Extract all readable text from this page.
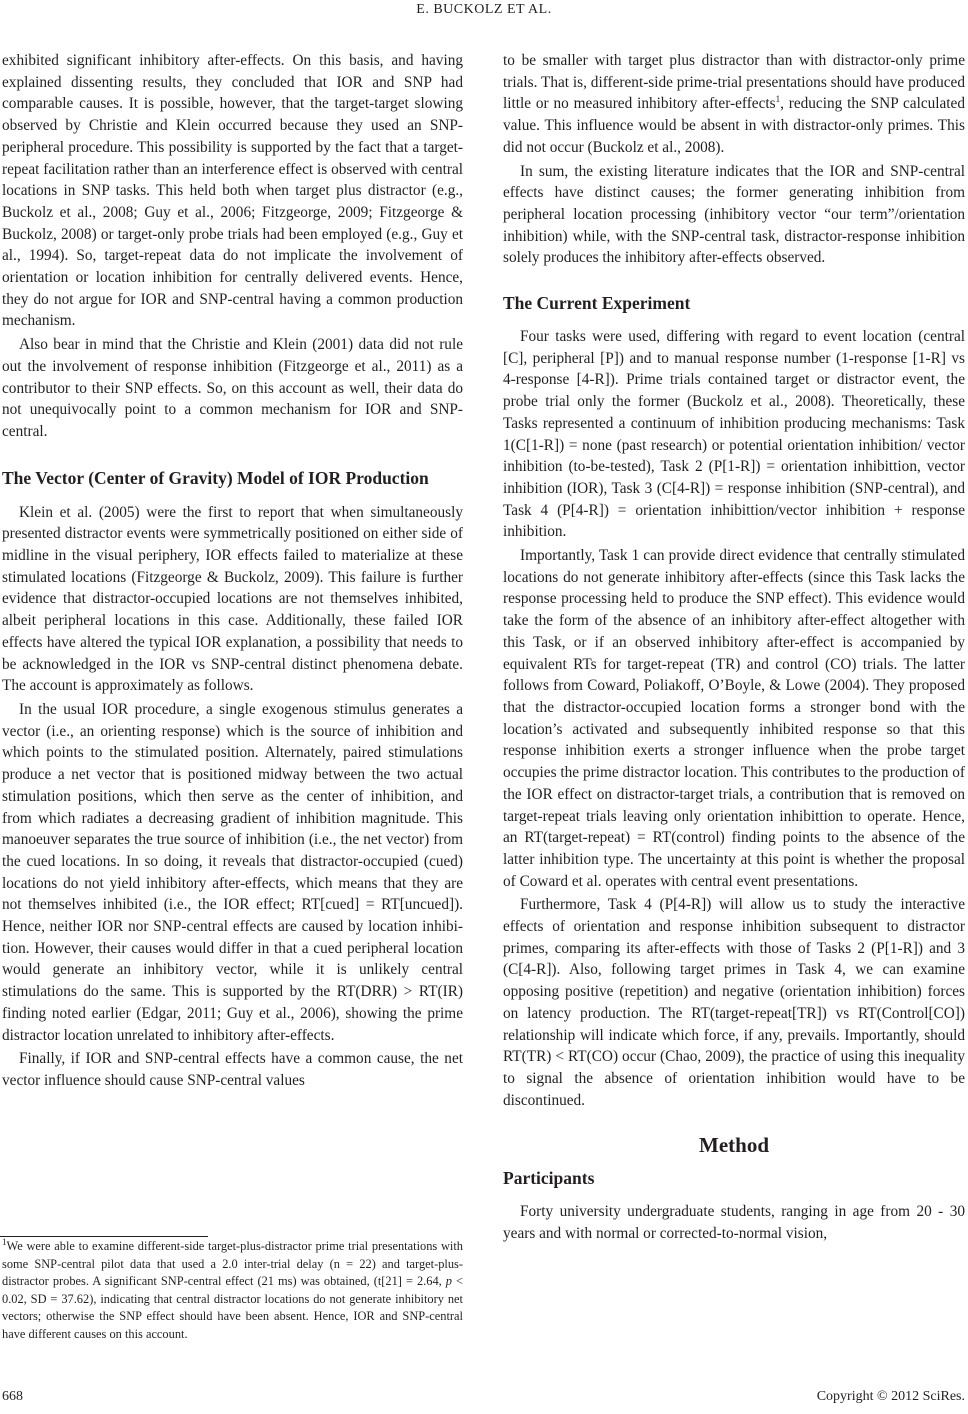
E. BUCKOLZ ET AL.

exhibited significant inhibitory after-effects. On this basis, and having explained dissenting results, they concluded that IOR and SNP had comparable causes. It is possible, however, that the target-target slowing observed by Christie and Klein occurred because they used an SNP-peripheral procedure. This possibility is supported by the fact that a target-repeat facilitation rather than an interference effect is observed with central locations in SNP tasks. This held both when target plus distractor (e.g., Buckolz et al., 2008; Guy et al., 2006; Fitzgeorge, 2009; Fitzgeorge & Buckolz, 2008) or target-only probe trials had been employed (e.g., Guy et al., 1994). So, target-repeat data do not implicate the involvement of orientation or location inhibition for centrally delivered events. Hence, they do not argue for IOR and SNP-central having a common production mechanism.

Also bear in mind that the Christie and Klein (2001) data did not rule out the involvement of response inhibition (Fitzgeorge et al., 2011) as a contributor to their SNP effects. So, on this account as well, their data do not unequivocally point to a common mechanism for IOR and SNP-central.

The Vector (Center of Gravity) Model of IOR Production

Klein et al. (2005) were the first to report that when simultaneously presented distractor events were symmetrically positioned on either side of midline in the visual periphery, IOR effects failed to materialize at these stimulated locations (Fitzgeorge & Buckolz, 2009). This failure is further evidence that distractor-occupied locations are not themselves inhibited, albeit peripheral locations in this case. Additionally, these failed IOR effects have altered the typical IOR explanation, a possibility that needs to be acknowledged in the IOR vs SNP-central distinct phenomena debate. The account is approximately as follows.

In the usual IOR procedure, a single exogenous stimulus generates a vector (i.e., an orienting response) which is the source of inhibition and which points to the stimulated position. Alternately, paired stimulations produce a net vector that is positioned midway between the two actual stimulation positions, which then serve as the center of inhibition, and from which radiates a decreasing gradient of inhibition magnitude. This manoeuver separates the true source of inhibition (i.e., the net vector) from the cued locations. In so doing, it reveals that distractor-occupied (cued) locations do not yield inhibitory after-effects, which means that they are not themselves inhibited (i.e., the IOR effect; RT[cued] = RT[uncued]). Hence, neither IOR nor SNP-central effects are caused by location inhibition. However, their causes would differ in that a cued peripheral location would generate an inhibitory vector, while it is unlikely central stimulations do the same. This is supported by the RT(DRR) > RT(IR) finding noted earlier (Edgar, 2011; Guy et al., 2006), showing the prime distractor location unrelated to inhibitory after-effects.

Finally, if IOR and SNP-central effects have a common cause, the net vector influence should cause SNP-central values

$^1$We were able to examine different-side target-plus-distractor prime trial presentations with some SNP-central pilot data that used a 2.0 inter-trial delay (n = 22) and target-plus-distractor probes. A significant SNP-central effect (21 ms) was obtained, (t[21] = 2.64, p < 0.02, SD = 37.62), indicating that central distractor locations do not generate inhibitory net vectors; otherwise the SNP effect should have been absent. Hence, IOR and SNP-central have different causes on this account.

to be smaller with target plus distractor than with distractor-only prime trials. That is, different-side prime-trial presentations should have produced little or no measured inhibitory after-effects$^1$, reducing the SNP calculated value. This influence would be absent in with distractor-only primes. This did not occur (Buckolz et al., 2008).

In sum, the existing literature indicates that the IOR and SNP-central effects have distinct causes; the former generating inhibition from peripheral location processing (inhibitory vector “our term”/orientation inhibition) while, with the SNP-central task, distractor-response inhibition solely produces the inhibitory after-effects observed.

The Current Experiment

Four tasks were used, differing with regard to event location (central [C], peripheral [P]) and to manual response number (1-response [1-R] vs 4-response [4-R]). Prime trials contained target or distractor event, the probe trial only the former (Buckolz et al., 2008). Theoretically, these Tasks represented a continuum of inhibition producing mechanisms: Task 1(C[1-R]) = none (past research) or potential orientation inhibition/ vector inhibition (to-be-tested), Task 2 (P[1-R]) = orientation inhibittion, vector inhibition (IOR), Task 3 (C[4-R]) = response inhibition (SNP-central), and Task 4 (P[4-R]) = orientation inhibittion/vector inhibition + response inhibition.

Importantly, Task 1 can provide direct evidence that centrally stimulated locations do not generate inhibitory after-effects (since this Task lacks the response processing held to produce the SNP effect). This evidence would take the form of the absence of an inhibitory after-effect altogether with this Task, or if an observed inhibitory after-effect is accompanied by equivalent RTs for target-repeat (TR) and control (CO) trials. The latter follows from Coward, Poliakoff, O’Boyle, & Lowe (2004). They proposed that the distractor-occupied location forms a stronger bond with the location’s activated and subsequently inhibited response so that this response inhibition exerts a stronger influence when the probe target occupies the prime distractor location. This contributes to the production of the IOR effect on distractor-target trials, a contribution that is removed on target-repeat trials leaving only orientation inhibittion to operate. Hence, an RT(target-repeat) = RT(control) finding points to the absence of the latter inhibition type. The uncertainty at this point is whether the proposal of Coward et al. operates with central event presentations.

Furthermore, Task 4 (P[4-R]) will allow us to study the interactive effects of orientation and response inhibition subsequent to distractor primes, comparing its after-effects with those of Tasks 2 (P[1-R]) and 3 (C[4-R]). Also, following target primes in Task 4, we can examine opposing positive (repetition) and negative (orientation inhibition) forces on latency production. The RT(target-repeat[TR]) vs RT(Control[CO]) relationship will indicate which force, if any, prevails. Importantly, should RT(TR) < RT(CO) occur (Chao, 2009), the practice of using this inequality to signal the absence of orientation inhibition would have to be discontinued.

Method
Participants

Forty university undergraduate students, ranging in age from 20 - 30 years and with normal or corrected-to-normal vision,

668	Copyright © 2012 SciRes.
